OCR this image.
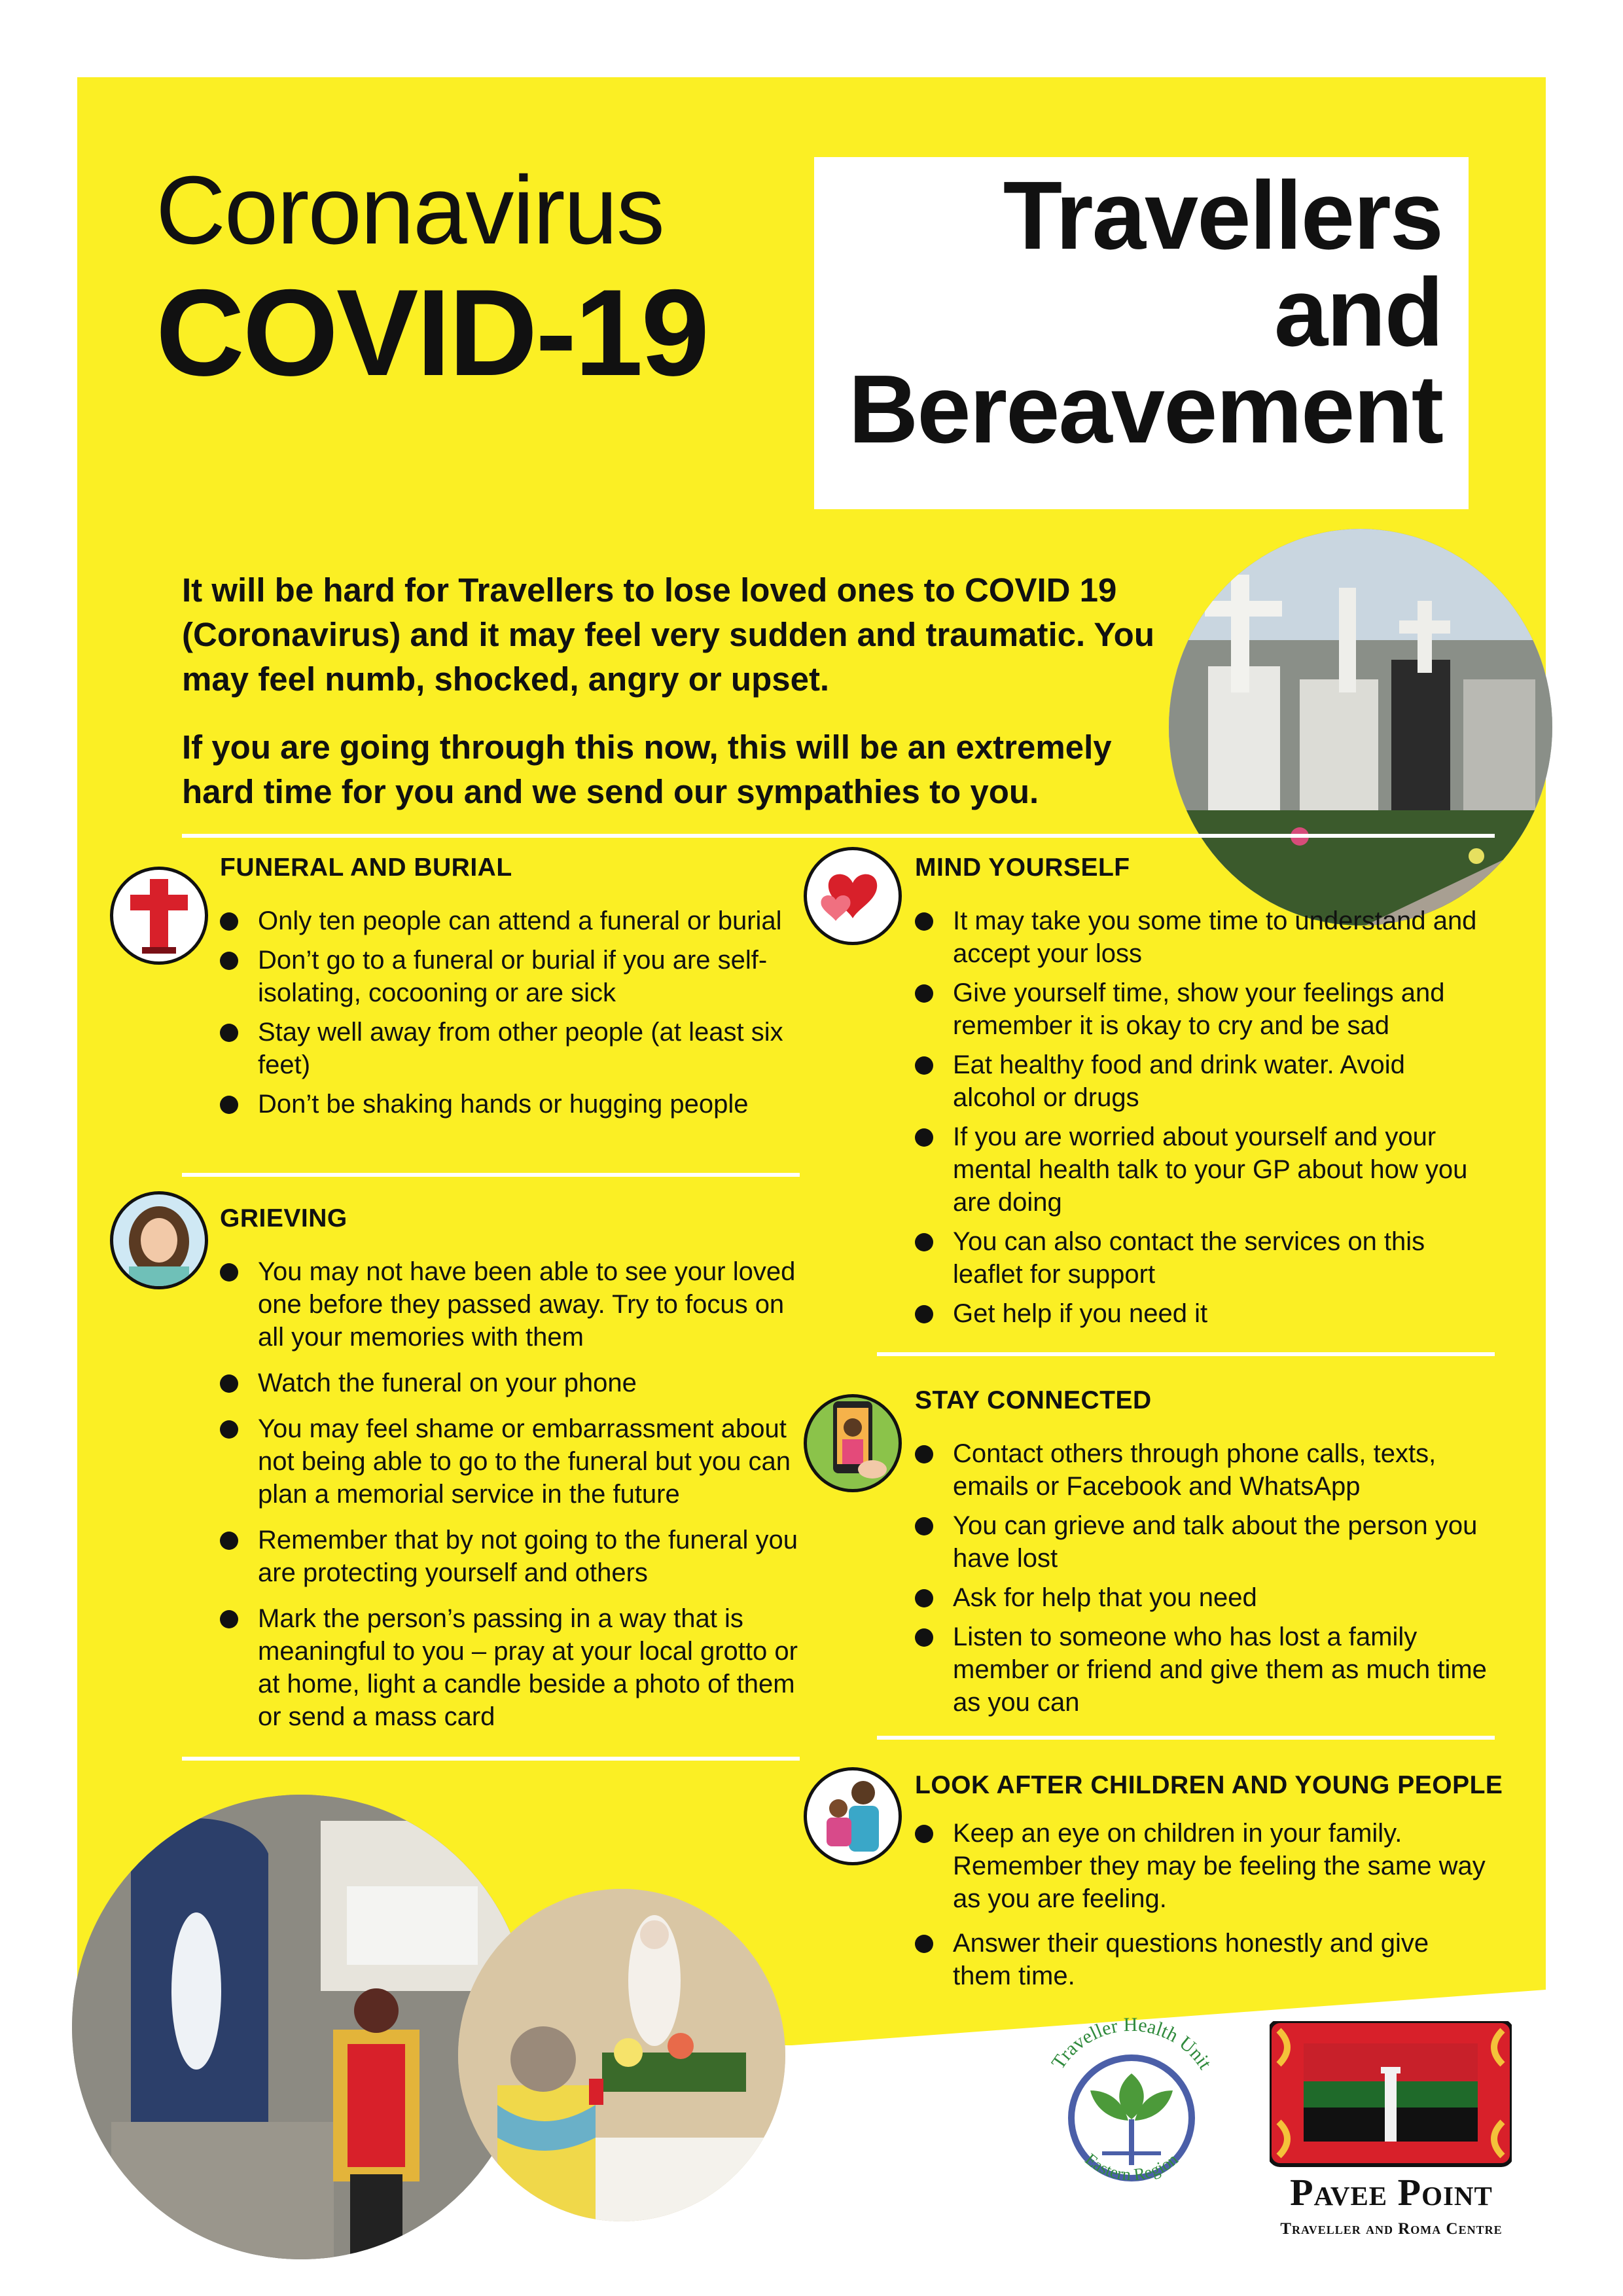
Coronavirus
COVID-19
Travellers
and
Bereavement

It will be hard for Travellers to lose loved ones to COVID 19 (Coronavirus) and it may feel very sudden and traumatic. You may feel numb, shocked, angry or upset.

If you are going through this now, this will be an extremely hard time for you and we send our sympathies to you.

FUNERAL AND BURIAL
Only ten people can attend a funeral or burial
Don’t go to a funeral or burial if you are self-isolating, cocooning or are sick
Stay well away from other people (at least six feet)
Don’t be shaking hands or hugging people
GRIEVING
You may not have been able to see your loved one before they passed away. Try to focus on all your memories with them
Watch the funeral on your phone
You may feel shame or embarrassment about not being able to go to the funeral but you can plan a memorial service in the future
Remember that by not going to the funeral you are protecting yourself and others
Mark the person’s passing in a way that is meaningful to you – pray at your local grotto or at home, light a candle beside a photo of them or send a mass card
MIND YOURSELF
It may take you some time to understand and accept your loss
Give yourself time, show your feelings and remember it is okay to cry and be sad
Eat healthy food and drink water. Avoid alcohol or drugs
If you are worried about yourself and your mental health talk to your GP about how you are doing
You can also contact the services on this leaflet for support
Get help if you need it
STAY CONNECTED
Contact others through phone calls, texts, emails or Facebook and WhatsApp
You can grieve and talk about the person you have lost
Ask for help that you need
Listen to someone who has lost a family member or friend and give them as much time as you can
LOOK AFTER CHILDREN AND YOUNG PEOPLE
Keep an eye on children in your family. Remember they may be feeling the same way as you are feeling.
Answer their questions honestly and give them time.
Traveller Health Unit
Eastern Region
Pavee Point
Traveller and Roma Centre
